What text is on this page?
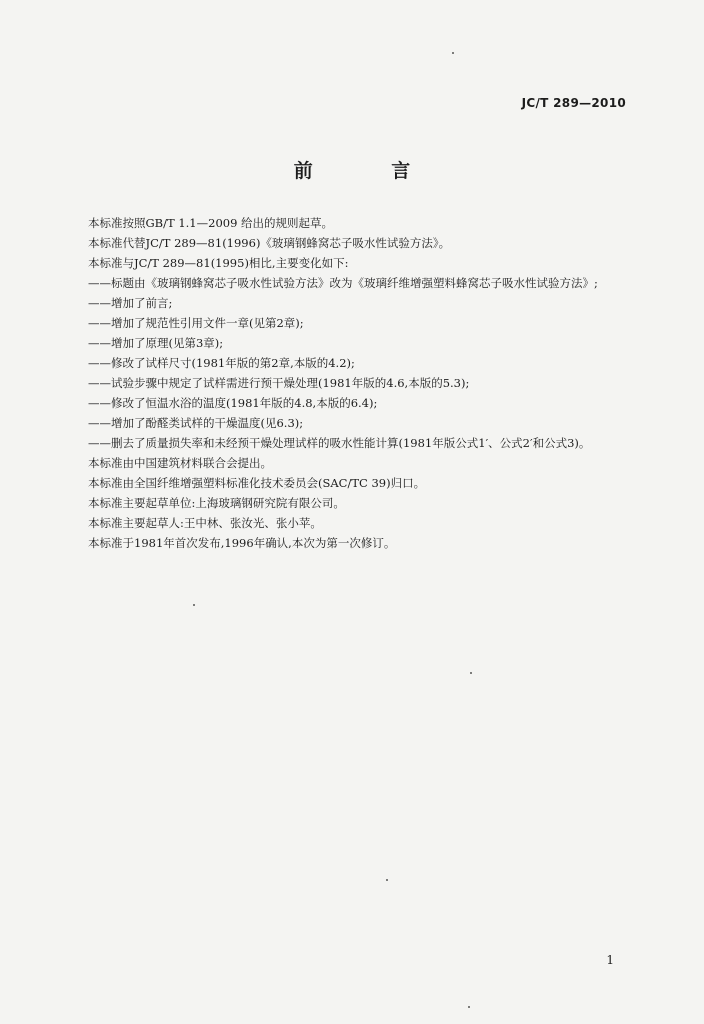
JC/T 289—2010
前 言

本标准按照GB/T 1.1—2009 给出的规则起草。

本标准代替JC/T 289—81(1996)《玻璃钢蜂窝芯子吸水性试验方法》。

本标准与JC/T 289—81(1995)相比,主要变化如下:

——标题由《玻璃钢蜂窝芯子吸水性试验方法》改为《玻璃纤维增强塑料蜂窝芯子吸水性试验方法》;

——增加了前言;

——增加了规范性引用文件一章(见第2章);

——增加了原理(见第3章);

——修改了试样尺寸(1981年版的第2章,本版的4.2);

——试验步骤中规定了试样需进行预干燥处理(1981年版的4.6,本版的5.3);

——修改了恒温水浴的温度(1981年版的4.8,本版的6.4);

——增加了酚醛类试样的干燥温度(见6.3);

——删去了质量损失率和未经预干燥处理试样的吸水性能计算(1981年版公式1′、公式2′和公式3)。

本标准由中国建筑材料联合会提出。

本标准由全国纤维增强塑料标准化技术委员会(SAC/TC 39)归口。

本标准主要起草单位:上海玻璃钢研究院有限公司。

本标准主要起草人:王中林、张汝光、张小苹。

本标准于1981年首次发布,1996年确认,本次为第一次修订。

1
